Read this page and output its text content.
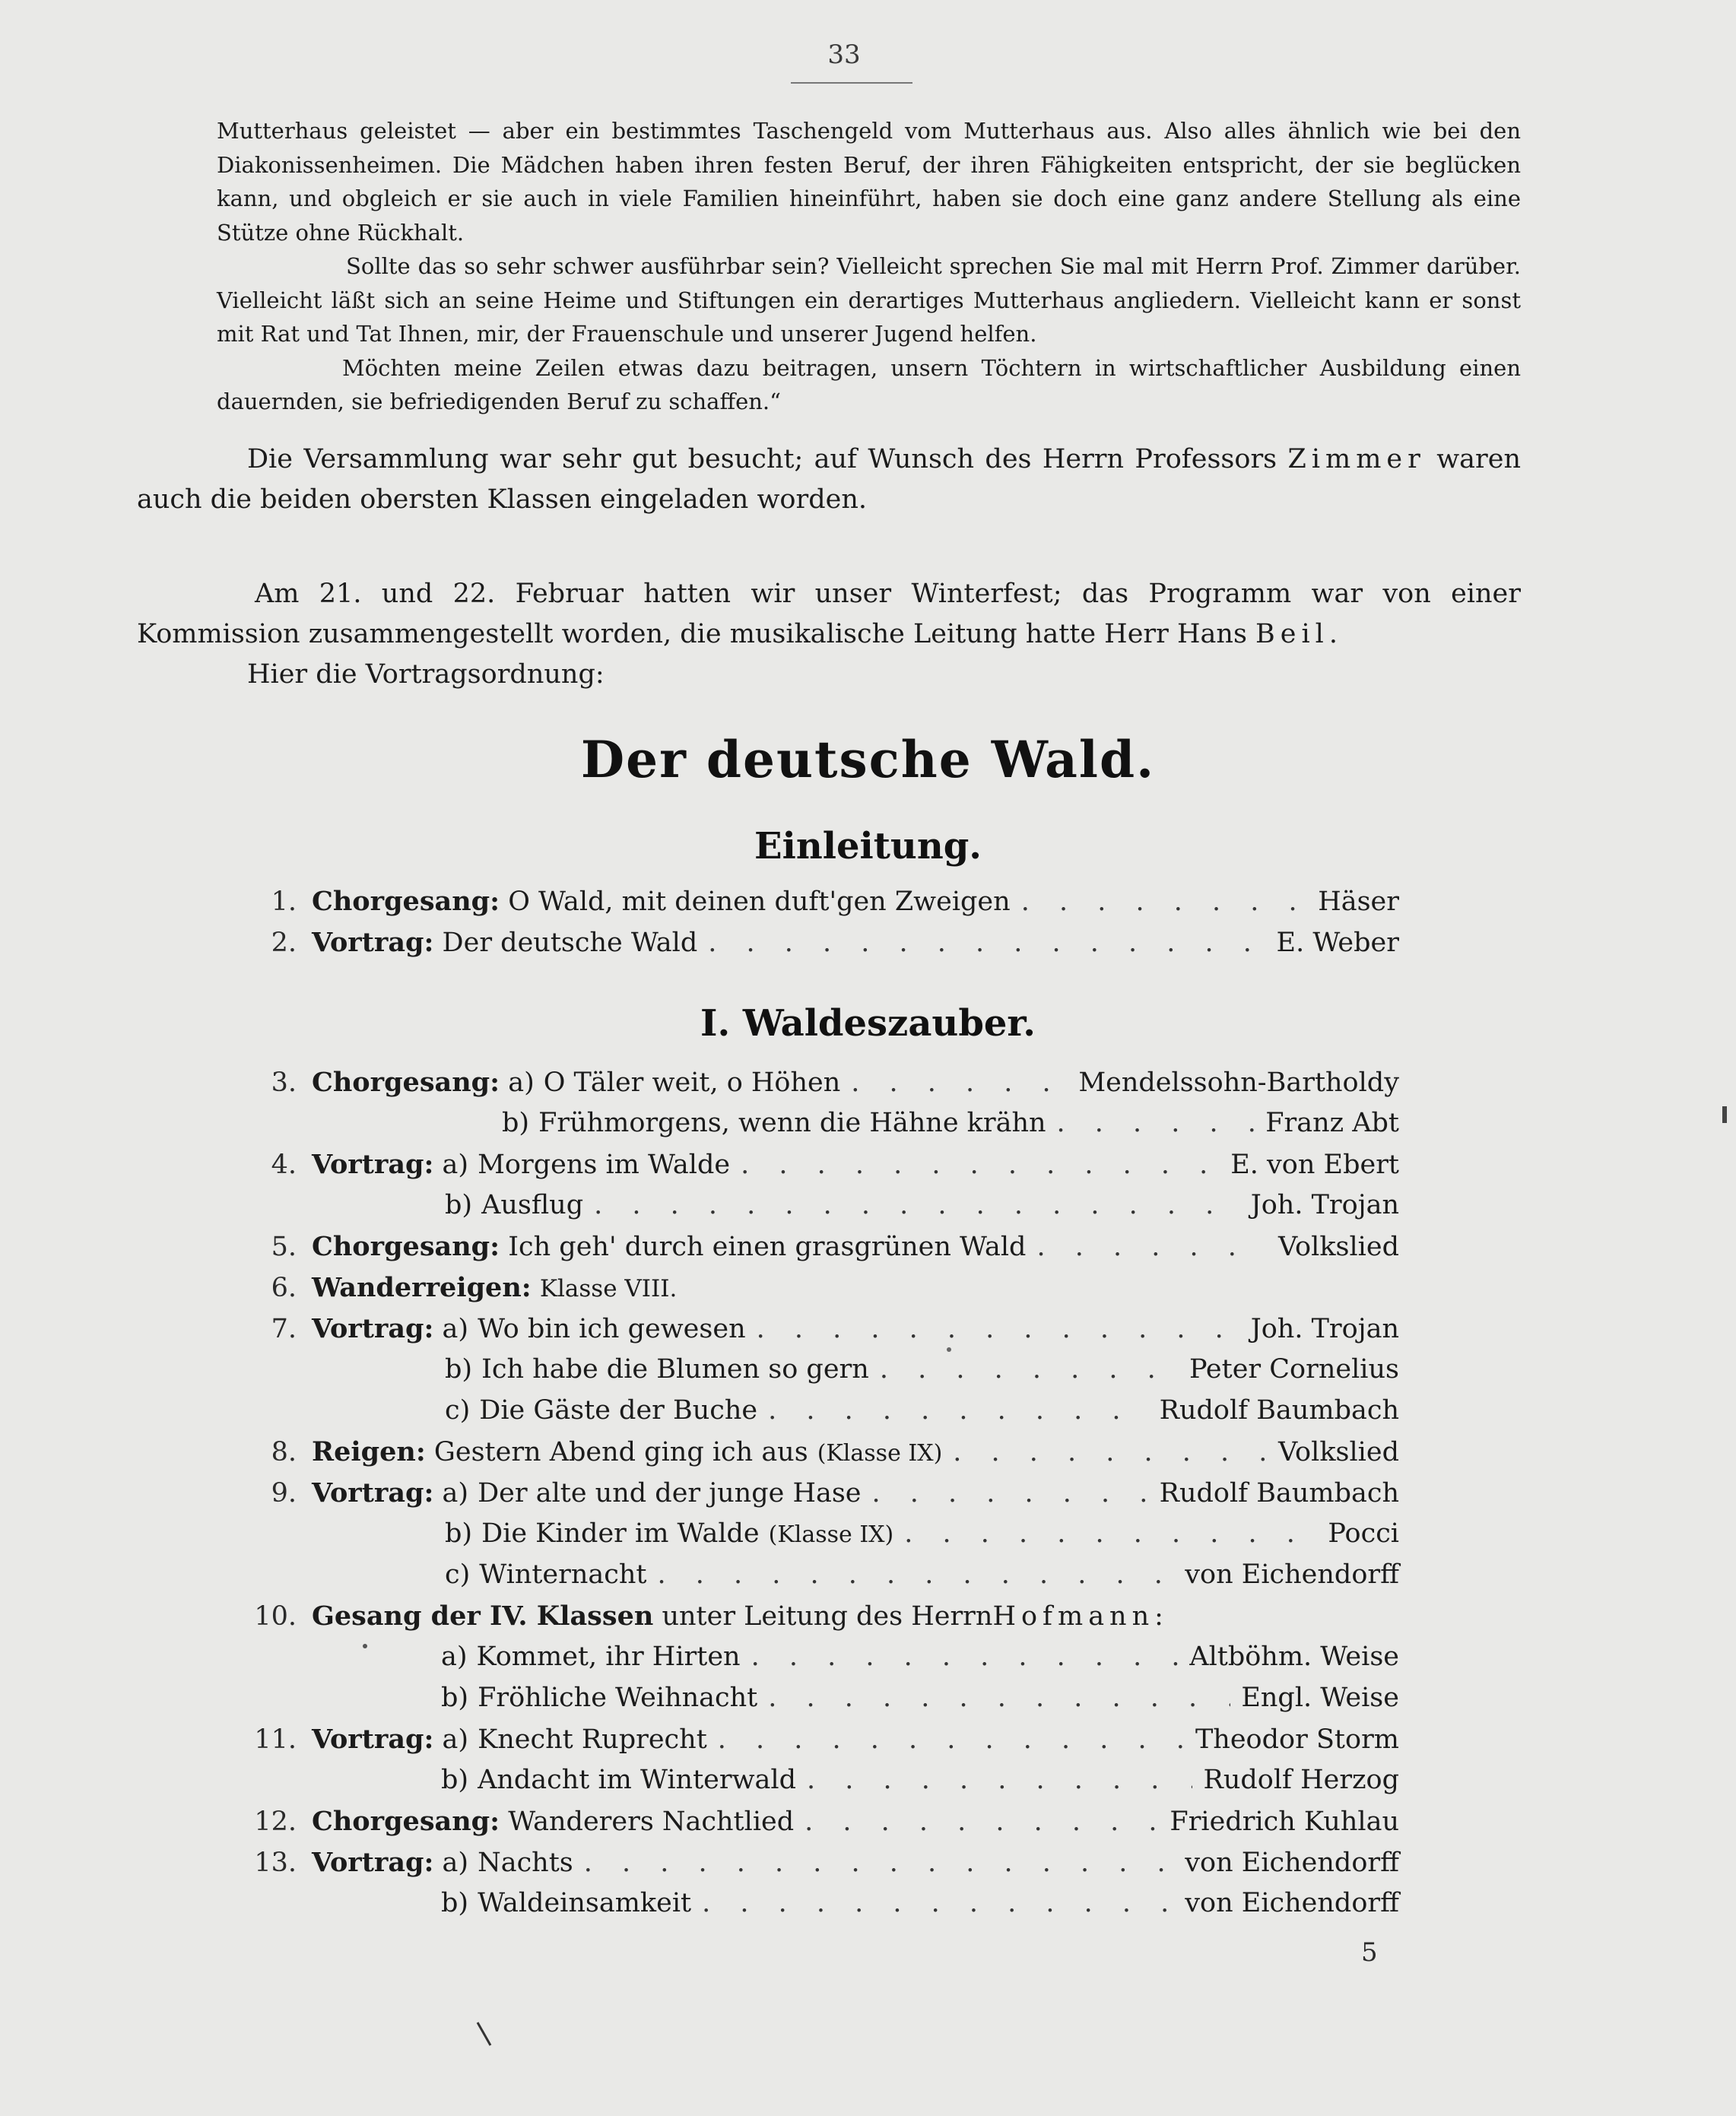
33

Mutterhaus geleistet — aber ein bestimmtes Taschengeld vom Mutterhaus aus. Also alles ähnlich wie bei den Diakonissenheimen. Die Mädchen haben ihren festen Beruf, der ihren Fähigkeiten entspricht, der sie beglücken kann, und obgleich er sie auch in viele Familien hineinführt, haben sie doch eine ganz andere Stellung als eine Stütze ohne Rückhalt.

Sollte das so sehr schwer ausführbar sein? Vielleicht sprechen Sie mal mit Herrn Prof. Zimmer darüber. Vielleicht läßt sich an seine Heime und Stiftungen ein derartiges Mutterhaus angliedern. Vielleicht kann er sonst mit Rat und Tat Ihnen, mir, der Frauenschule und unserer Jugend helfen.

Möchten meine Zeilen etwas dazu beitragen, unsern Töchtern in wirtschaftlicher Ausbildung einen dauernden, sie befriedigenden Beruf zu schaffen.“

Die Versammlung war sehr gut besucht; auf Wunsch des Herrn Professors Zimmer waren auch die beiden obersten Klassen eingeladen worden.

Am 21. und 22. Februar hatten wir unser Winterfest; das Programm war von einer Kommission zusammengestellt worden, die musikalische Leitung hatte Herr Hans Beil.

Hier die Vortragsordnung:

Der deutsche Wald.
Einleitung.
I. Waldeszauber.
1. Chorgesang:
O Wald, mit deinen duft'gen Zweigen . . .	Häser
2. Vortrag:
Der deutsche Wald . . .	E. Weber
3. Chorgesang:
a) O Täler weit, o Höhen . . .	Mendelssohn-Bartholdy
b) Frühmorgens, wenn die Hähne krähn . . .	Franz Abt
4. Vortrag:
a) Morgens im Walde . . .	E. von Ebert
b) Ausflug . . .	Joh. Trojan
5. Chorgesang:
Ich geh' durch einen grasgrünen Wald . . .	Volkslied
6. Wanderreigen:
Klasse VIII.
7. Vortrag:
a) Wo bin ich gewesen . . .	Joh. Trojan
b) Ich habe die Blumen so gern . . .	Peter Cornelius
c) Die Gäste der Buche . . .	Rudolf Baumbach
8. Reigen:
Gestern Abend ging ich aus (Klasse IX) . . .	Volkslied
9. Vortrag:
a) Der alte und der junge Hase . . .	Rudolf Baumbach
b) Die Kinder im Walde (Klasse IX) . . .	Pocci
c) Winternacht . . .	von Eichendorff
10. Gesang der IV. Klassen
unter Leitung des Herrn Hofmann :
a) Kommet, ihr Hirten . . .	Altböhm. Weise
b) Fröhliche Weihnacht . . .	Engl. Weise
11. Vortrag:
a) Knecht Ruprecht . . .	Theodor Storm
b) Andacht im Winterwald . . .	Rudolf Herzog
12. Chorgesang:
Wanderers Nachtlied . . .	Friedrich Kuhlau
13. Vortrag:
a) Nachts . . .	von Eichendorff
b) Waldeinsamkeit . . .	von Eichendorff
5
